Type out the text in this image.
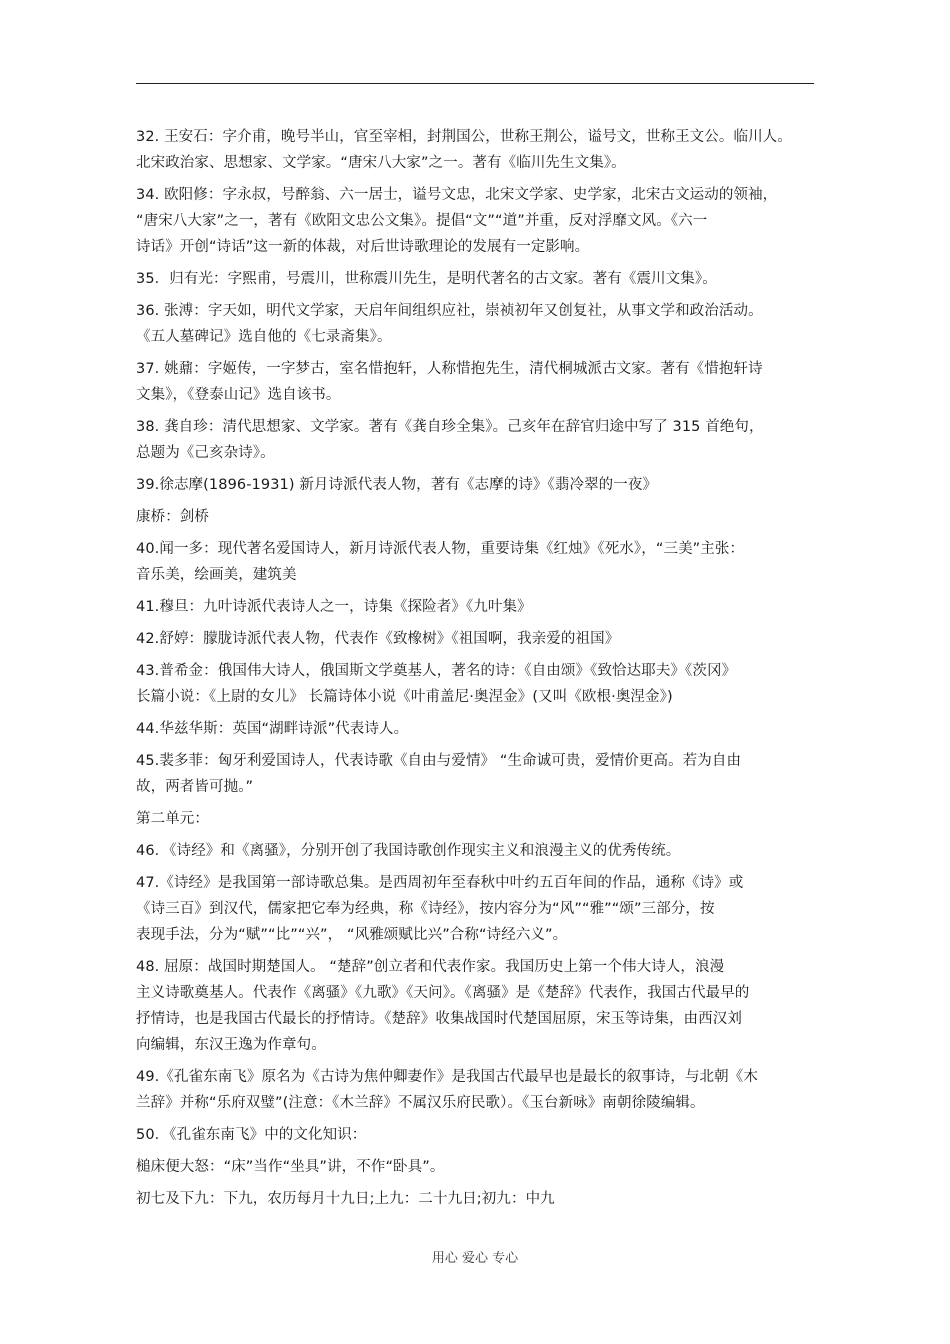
32. 王安石：字介甫，晚号半山，官至宰相，封荆国公，世称王荆公，谥号文，世称王文公。临川人。
北宋政治家、思想家、文学家。“唐宋八大家”之一。著有《临川先生文集》。

34. 欧阳修：字永叔，号醉翁、六一居士，谥号文忠，北宋文学家、史学家，北宋古文运动的领袖，
“唐宋八大家”之一，著有《欧阳文忠公文集》。提倡“文”“道”并重，反对浮靡文风。《六一
诗话》开创“诗话”这一新的体裁，对后世诗歌理论的发展有一定影响。

35．归有光：字熙甫，号震川，世称震川先生，是明代著名的古文家。著有《震川文集》。

36. 张溥：字天如，明代文学家，天启年间组织应社，崇祯初年又创复社，从事文学和政治活动。
《五人墓碑记》选自他的《七录斋集》。

37. 姚鼐：字姬传，一字梦古，室名惜抱轩，人称惜抱先生，清代桐城派古文家。著有《惜抱轩诗
文集》，《登泰山记》选自该书。

38. 龚自珍：清代思想家、文学家。著有《龚自珍全集》。己亥年在辞官归途中写了 315 首绝句，
总题为《己亥杂诗》。

39.徐志摩(1896-1931) 新月诗派代表人物，著有《志摩的诗》《翡冷翠的一夜》

康桥：剑桥

40.闻一多：现代著名爱国诗人，新月诗派代表人物，重要诗集《红烛》《死水》，“三美”主张：
音乐美，绘画美，建筑美

41.穆旦：九叶诗派代表诗人之一，诗集《探险者》《九叶集》

42.舒婷：朦胧诗派代表人物，代表作《致橡树》《祖国啊，我亲爱的祖国》

43.普希金：俄国伟大诗人，俄国斯文学奠基人，著名的诗：《自由颂》《致恰达耶夫》《茨冈》
长篇小说：《上尉的女儿》 长篇诗体小说《叶甫盖尼·奥涅金》(又叫《欧根·奥涅金》)

44.华兹华斯：英国“湖畔诗派”代表诗人。

45.裴多菲：匈牙利爱国诗人，代表诗歌《自由与爱情》 “生命诚可贵，爱情价更高。若为自由
故，两者皆可抛。”

第二单元：

46．《诗经》和《离骚》，分别开创了我国诗歌创作现实主义和浪漫主义的优秀传统。

47.《诗经》是我国第一部诗歌总集。是西周初年至春秋中叶约五百年间的作品，通称《诗》或
《诗三百》到汉代，儒家把它奉为经典，称《诗经》，按内容分为“风”“雅”“颂”三部分，按
表现手法，分为“赋”“比”“兴”， “风雅颂赋比兴”合称“诗经六义”。

48. 屈原：战国时期楚国人。 “楚辞”创立者和代表作家。我国历史上第一个伟大诗人，浪漫
主义诗歌奠基人。代表作《离骚》《九歌》《天问》。《离骚》是《楚辞》代表作，我国古代最早的
抒情诗，也是我国古代最长的抒情诗。《楚辞》收集战国时代楚国屈原，宋玉等诗集，由西汉刘
向编辑，东汉王逸为作章句。

49.《孔雀东南飞》原名为《古诗为焦仲卿妻作》是我国古代最早也是最长的叙事诗，与北朝《木
兰辞》并称“乐府双璧”(注意：《木兰辞》不属汉乐府民歌）。《玉台新咏》南朝徐陵编辑。

50．《孔雀东南飞》中的文化知识：

槌床便大怒：“床”当作“坐具”讲，不作“卧具”。

初七及下九：下九，农历每月十九日;上九：二十九日;初九：中九

用心 爱心 专心
